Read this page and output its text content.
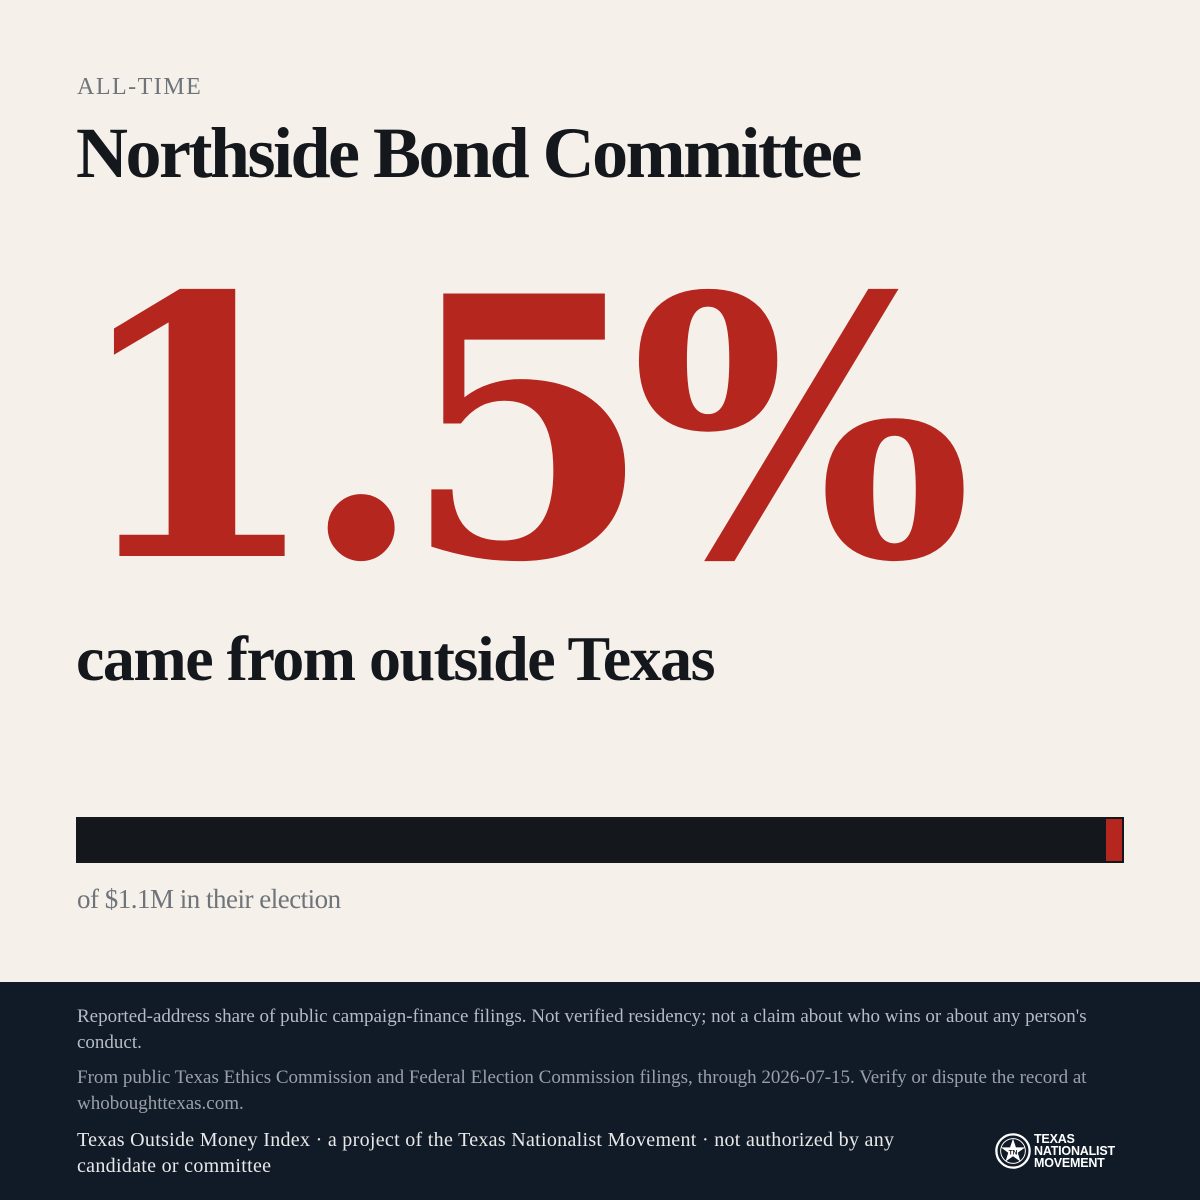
ALL-TIME
Northside Bond Committee
1.5%
came from outside Texas
of $1.1M in their election
Reported-address share of public campaign-finance filings. Not verified residency; not a claim about who wins or about any person's conduct.
From public Texas Ethics Commission and Federal Election Commission filings, through 2026-07-15. Verify or dispute the record at whoboughttexas.com.
Texas Outside Money Index · a project of the Texas Nationalist Movement · not authorized by any candidate or committee
TN
TEXAS
NATIONALIST
MOVEMENT
